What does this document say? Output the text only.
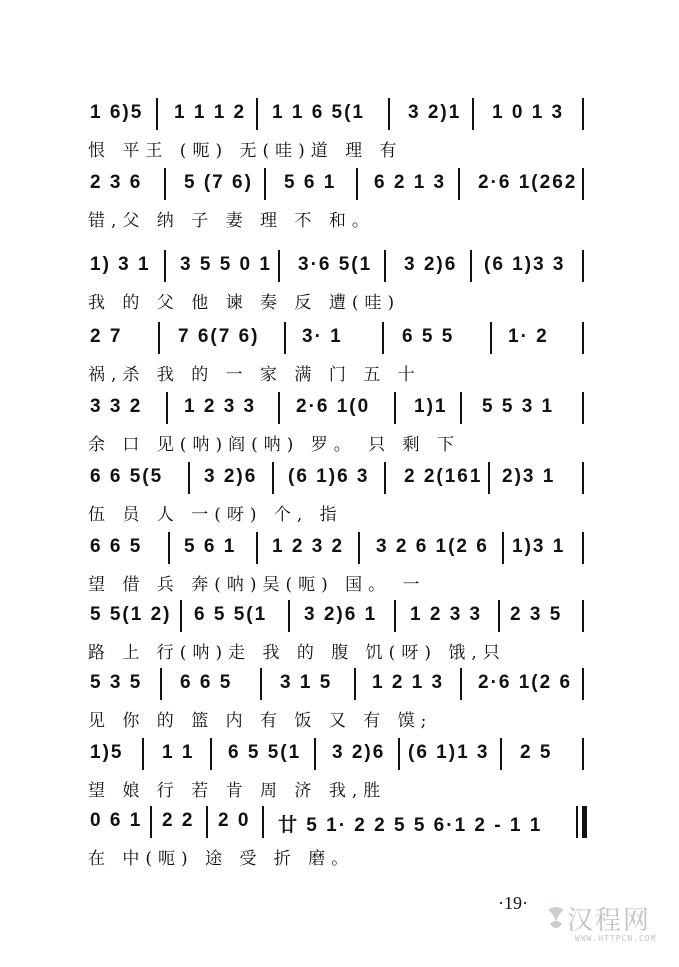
1 6)5 1 1 1 2 1 1 6 5(1 3 2)1 1 0 1 3
恨 平王 (呃) 无(哇)道 理 有
2 3 6 5 (7 6) 5 6 1 6 2 1 3 2·6 1(262
错,父 纳 子 妻 理 不 和。
1) 3 1 3 5 5 0 1 3·6 5(1 3 2)6 (6 1)3 3
我 的 父 他 谏 奏 反 遭(哇)
2 7	7 6(7 6) 3· 1	6 5 5	1· 2
祸,杀 我 的 一 家 满 门 五 十
3 3 2 1 2 3 3 2·6 1(0 1)1 5 5 3 1
余 口 见(呐)阎(呐) 罗。 只 剩 下
6 6 5(5 3 2)6 (6 1)6 3 2 2(161 2)3 1
伍 员 人 一(呀) 个, 指
6 6 5 5 6 1 1 2 3 2 3 2 6 1(2 6 1)3 1
望 借 兵 奔(呐)吴(呃) 国。 一
5 5(1 2) 6 5 5(1 3 2)6 1 1 2 3 3 2 3 5
路 上 行(呐)走 我 的 腹 饥(呀) 饿,只
5 3 5 6 6 5	3 1 5 1 2 1 3 2·6 1(2 6
见 你 的 篮 内 有 饭 又 有 馍;
1)5 1 1 6 5 5(1 3 2)6 (6 1)1 3 2 5
望 娘 行 若 肯 周 济 我,胜
0 6 1 2 2 2 0 廿 5 1· 2 2 5 5 6·1 2 - 1 1
在 中(呃) 途 受 折 磨。
·19·
汉程网
WWW.HTTPCN.COM
